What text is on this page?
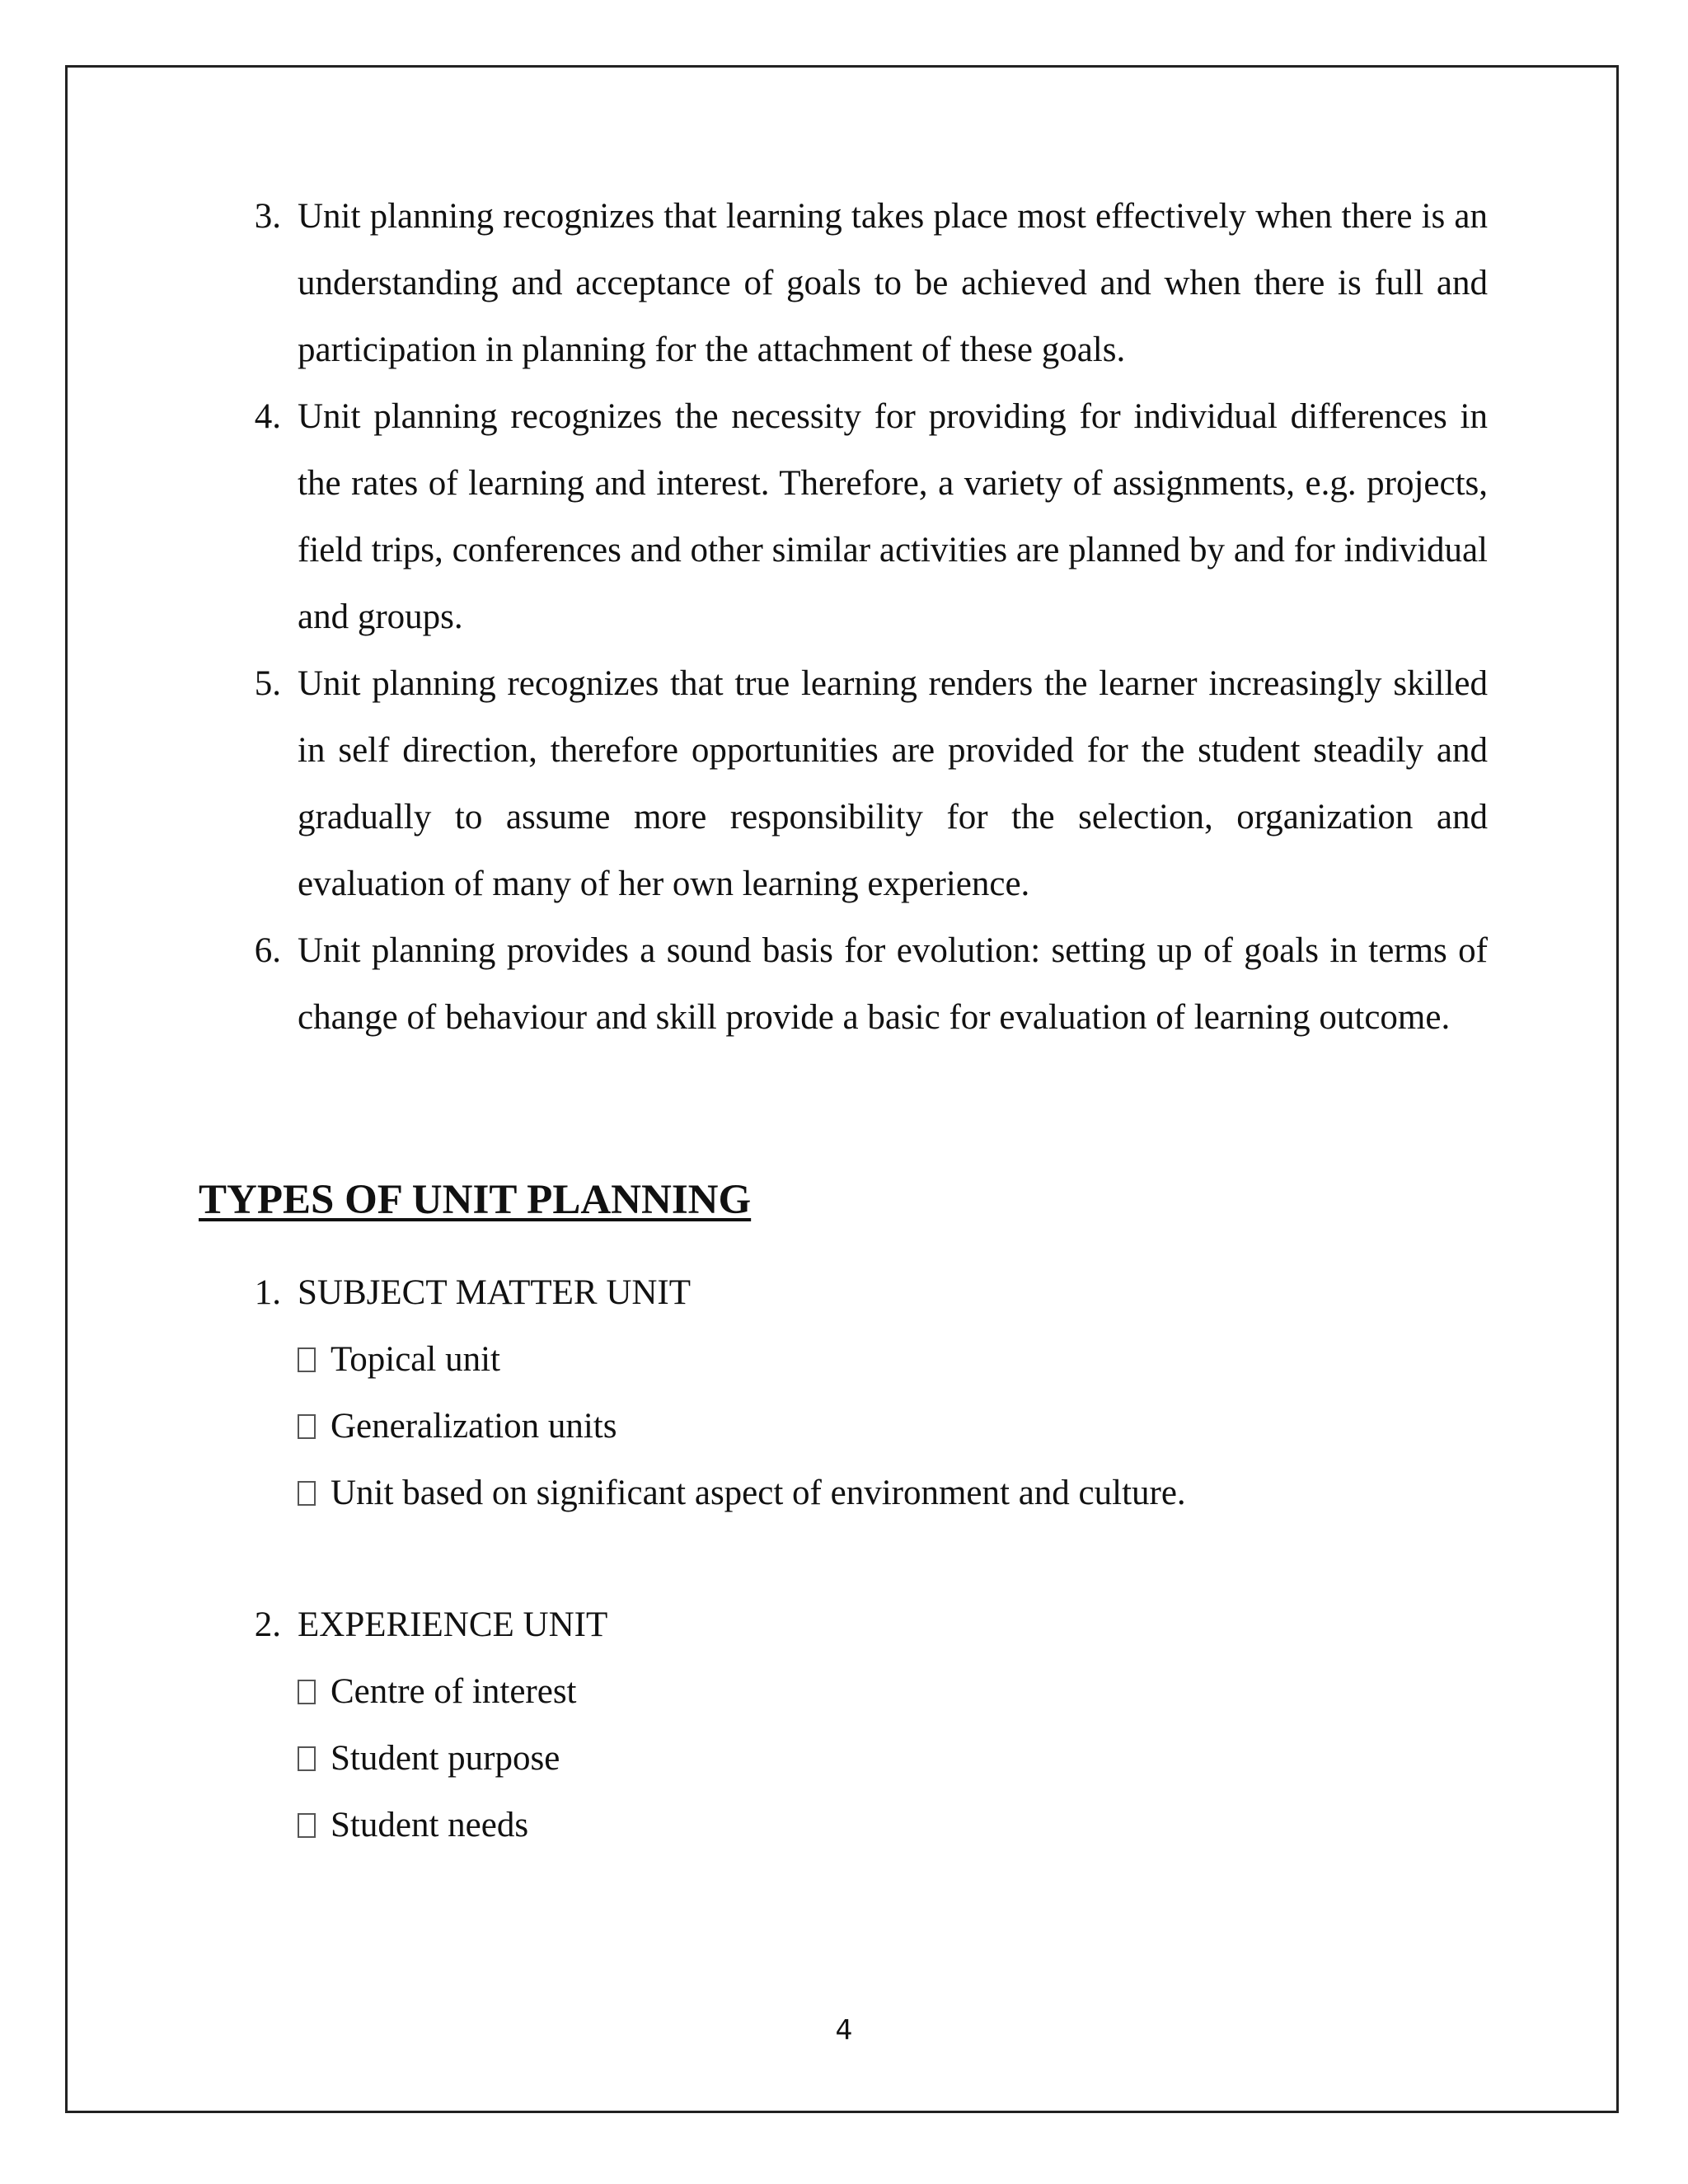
3. Unit planning recognizes that learning takes place most effectively when there is an understanding and acceptance of goals to be achieved and when there is full and participation in planning for the attachment of these goals.
4. Unit planning recognizes the necessity for providing for individual differences in the rates of learning and interest. Therefore, a variety of assignments, e.g. projects, field trips, conferences and other similar activities are planned by and for individual and groups.
5. Unit planning recognizes that true learning renders the learner increasingly skilled in self direction, therefore opportunities are provided for the student steadily and gradually to assume more responsibility for the selection, organization and evaluation of many of her own learning experience.
6. Unit planning provides a sound basis for evolution: setting up of goals in terms of change of behaviour and skill provide a basic for evaluation of learning outcome.
TYPES OF UNIT PLANNING
1. SUBJECT MATTER UNIT
Topical unit
Generalization units
Unit based on significant aspect of environment and culture.
2. EXPERIENCE UNIT
Centre of interest
Student purpose
Student needs
4
